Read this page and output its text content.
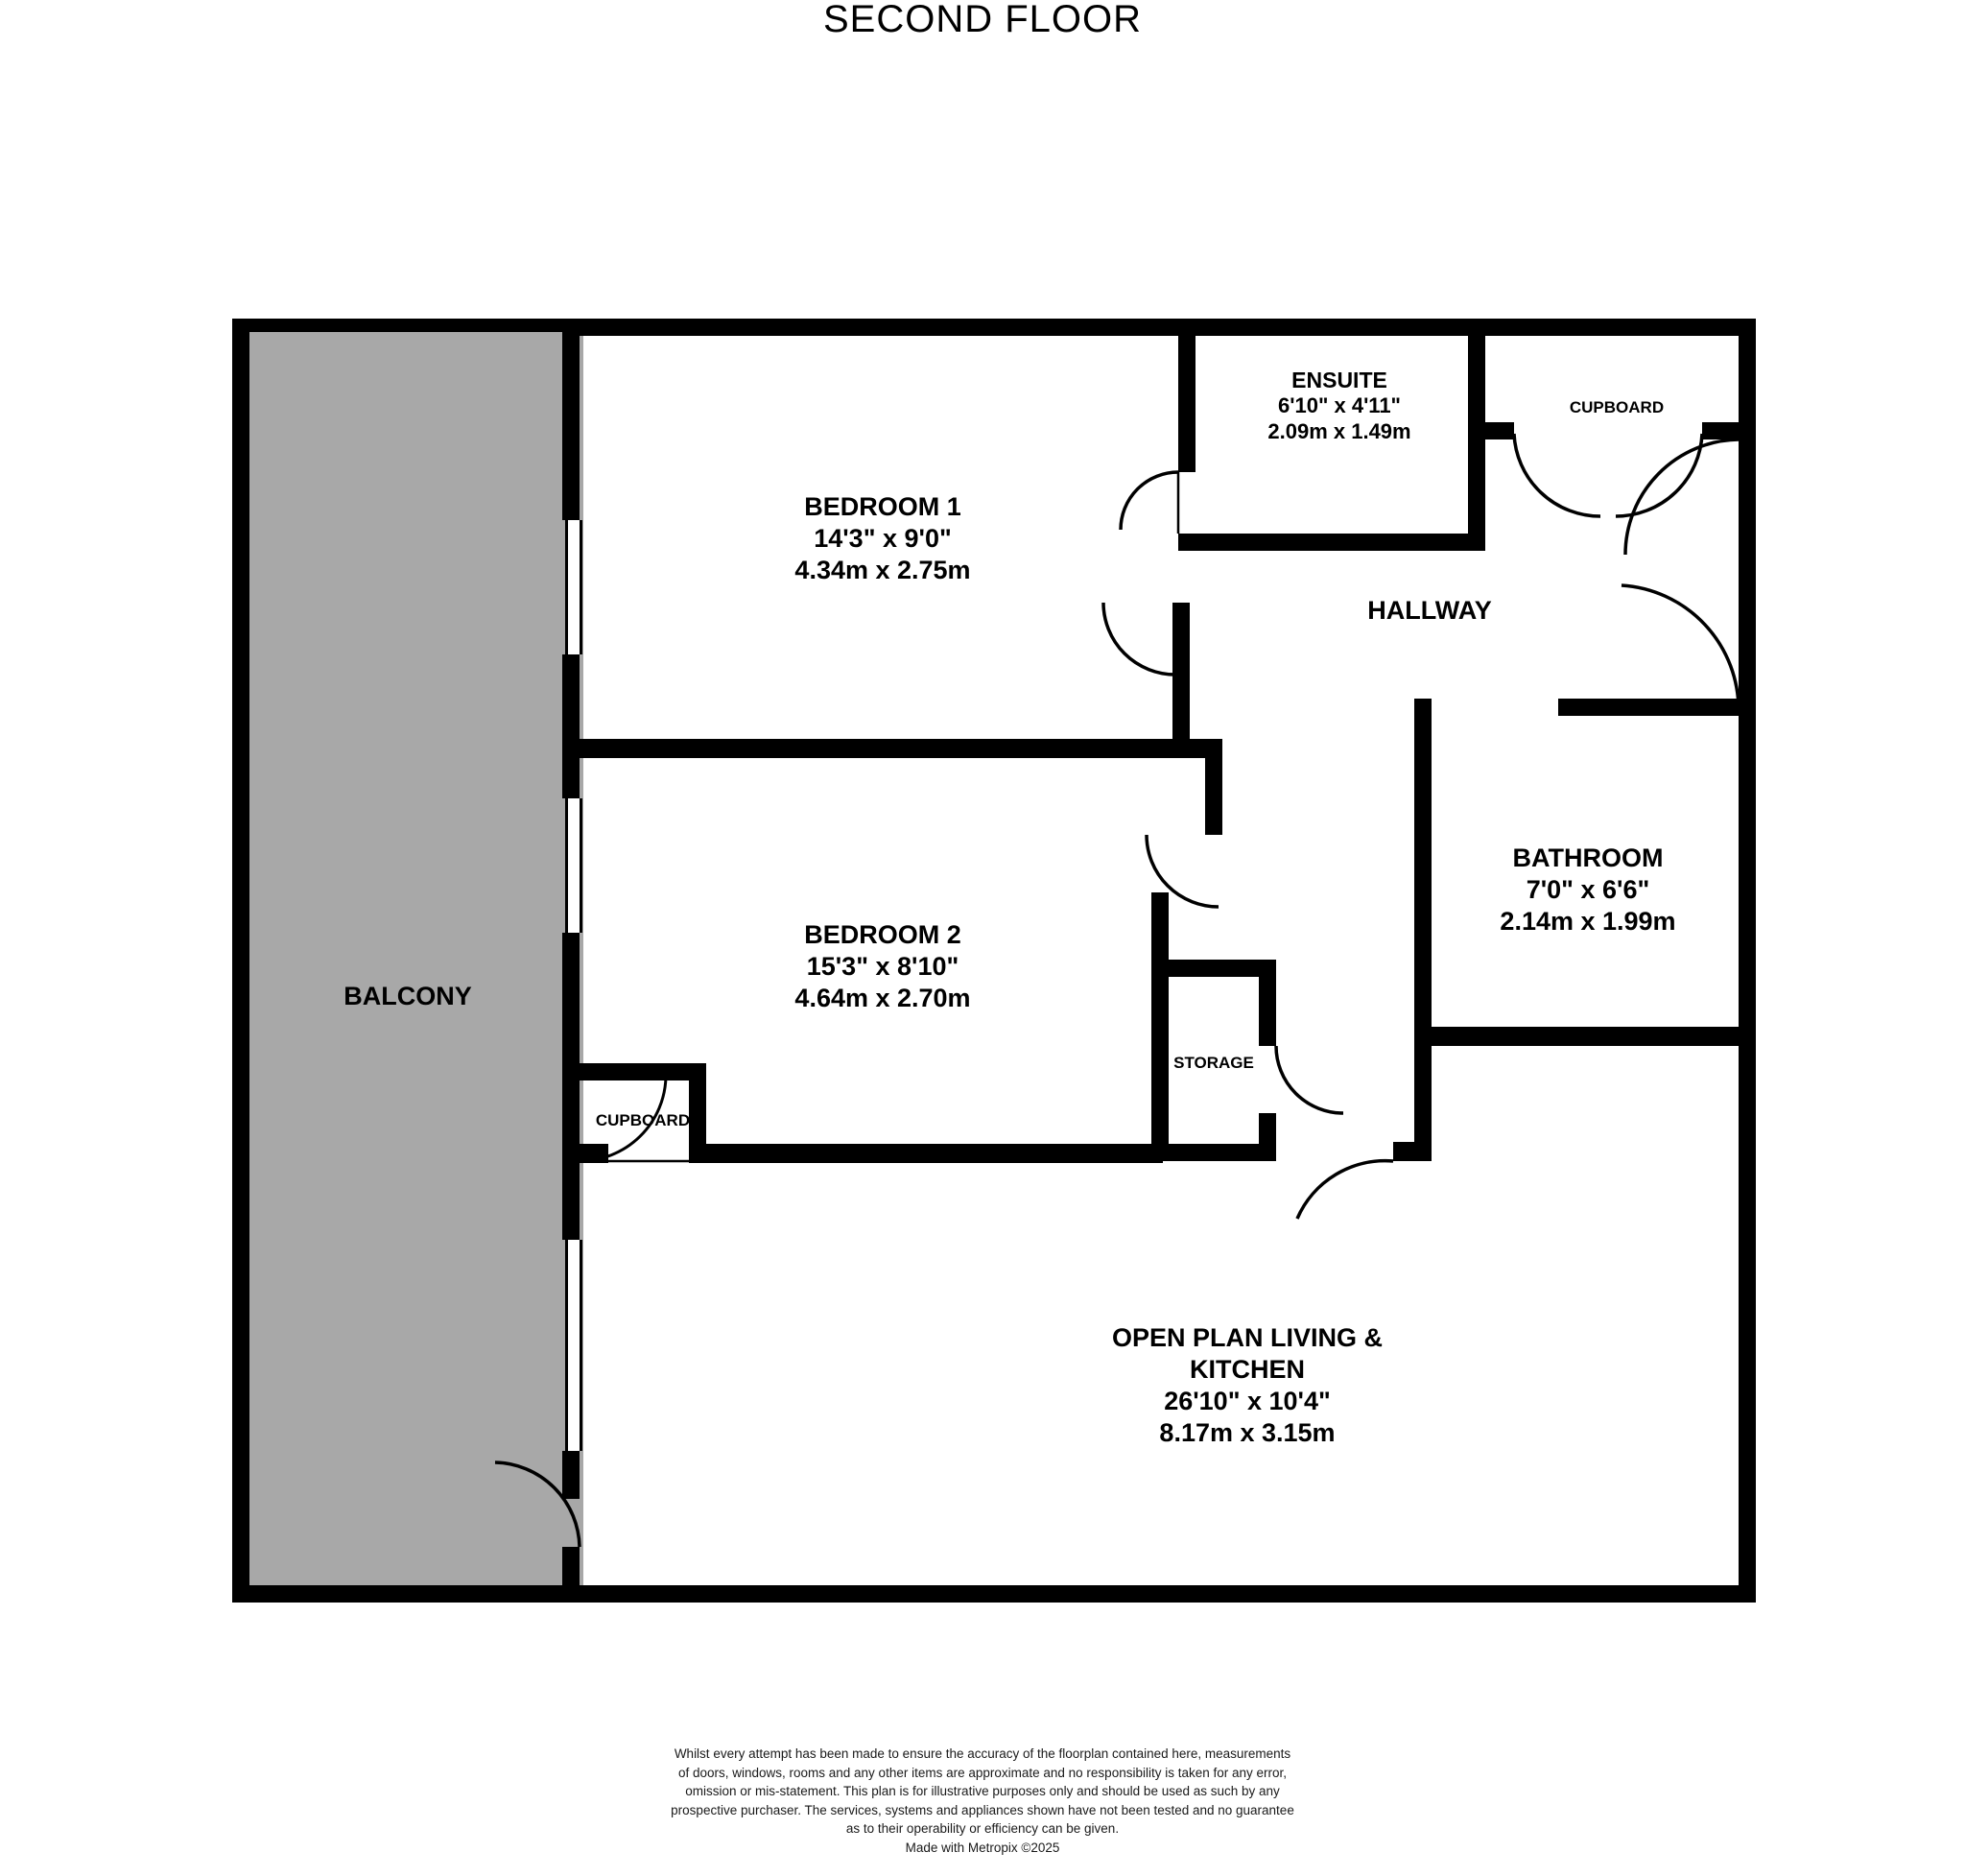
SECOND FLOOR
BALCONY
BEDROOM 1
14'3" x 9'0"
4.34m x 2.75m
BEDROOM 2
15'3" x 8'10"
4.64m x 2.70m
ENSUITE
6'10" x 4'11"
2.09m x 1.49m
BATHROOM
7'0" x 6'6"
2.14m x 1.99m
OPEN PLAN LIVING &
KITCHEN
26'10" x 10'4"
8.17m x 3.15m
HALLWAY
STORAGE
CUPBOARD
CUPBOARD
Whilst every attempt has been made to ensure the accuracy of the floorplan contained here, measurements
of doors, windows, rooms and any other items are approximate and no responsibility is taken for any error,
omission or mis-statement. This plan is for illustrative purposes only and should be used as such by any
prospective purchaser. The services, systems and appliances shown have not been tested and no guarantee
as to their operability or efficiency can be given.
Made with Metropix ©2025
